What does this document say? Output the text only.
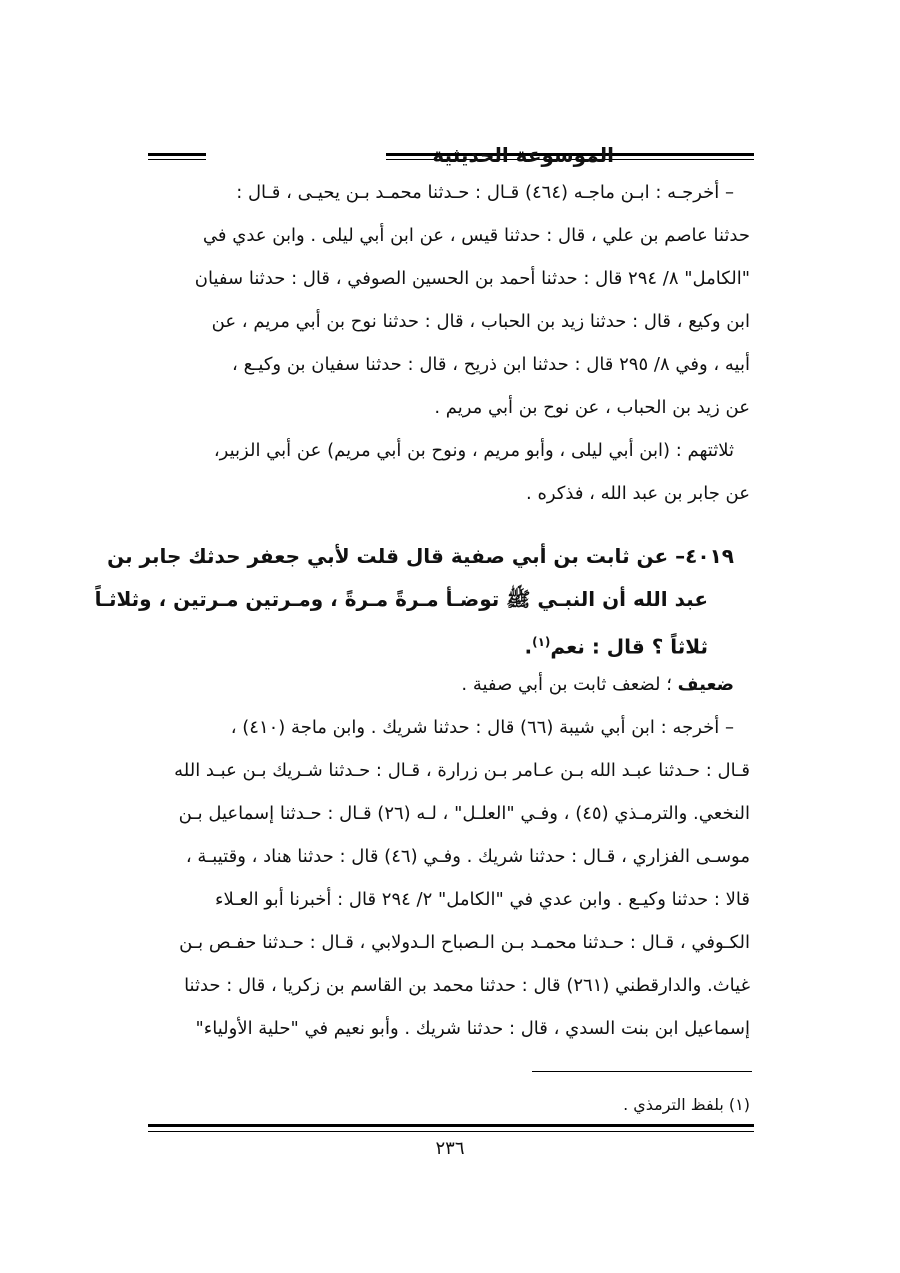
الموسوعة الحديثية
– أخرجـه : ابـن ماجـه (٤٦٤) قـال : حـدثنا محمـد بـن يحيـى ، قـال :
حدثنا عاصم بن علي ، قال : حدثنا قيس ، عن ابن أبي ليلى . وابن عدي في
"الكامل" ٨/ ٢٩٤ قال : حدثنا أحمد بن الحسين الصوفي ، قال : حدثنا سفيان
ابن وكيع ، قال : حدثنا زيد بن الحباب ، قال : حدثنا نوح بن أبي مريم ، عن
أبيه ، وفي ٨/ ٢٩٥ قال : حدثنا ابن ذريح ، قال : حدثنا سفيان بن وكيـع ،
عن زيد بن الحباب ، عن نوح بن أبي مريم .
ثلاثتهم : (ابن أبي ليلى ، وأبو مريم ، ونوح بن أبي مريم) عن أبي الزبير،
عن جابر بن عبد الله ، فذكره .
٤٠١٩– عن ثابت بن أبي صفية قال قلت لأبي جعفر حدثك جابر بن
عبد الله أن النبـي ﷺ توضـأ مـرةً مـرةً ، ومـرتين مـرتين ، وثلاثـاً
ثلاثاً ؟ قال : نعم$^{(١)}$.
ضعيف ؛ لضعف ثابت بن أبي صفية .
– أخرجه : ابن أبي شيبة (٦٦) قال : حدثنا شريك . وابن ماجة (٤١٠) ،
قـال : حـدثنا عبـد الله بـن عـامر بـن زرارة ، قـال : حـدثنا شـريك بـن عبـد الله
النخعي. والترمـذي (٤٥) ، وفـي "العلـل" ، لـه (٢٦) قـال : حـدثنا إسماعيل بـن
موسـى الفزاري ، قـال : حدثنا شريك . وفـي (٤٦) قال : حدثنا هناد ، وقتيبـة ،
قالا : حدثنا وكيـع . وابن عدي في "الكامل" ٢/ ٢٩٤ قال : أخبرنا أبو العـلاء
الكـوفي ، قـال : حـدثنا محمـد بـن الـصباح الـدولابي ، قـال : حـدثنا حفـص بـن
غياث. والدارقطني (٢٦١) قال : حدثنا محمد بن القاسم بن زكريا ، قال : حدثنا
إسماعيل ابن بنت السدي ، قال : حدثنا شريك . وأبو نعيم في "حلية الأولياء"
(١) بلفظ الترمذي .
٢٣٦
